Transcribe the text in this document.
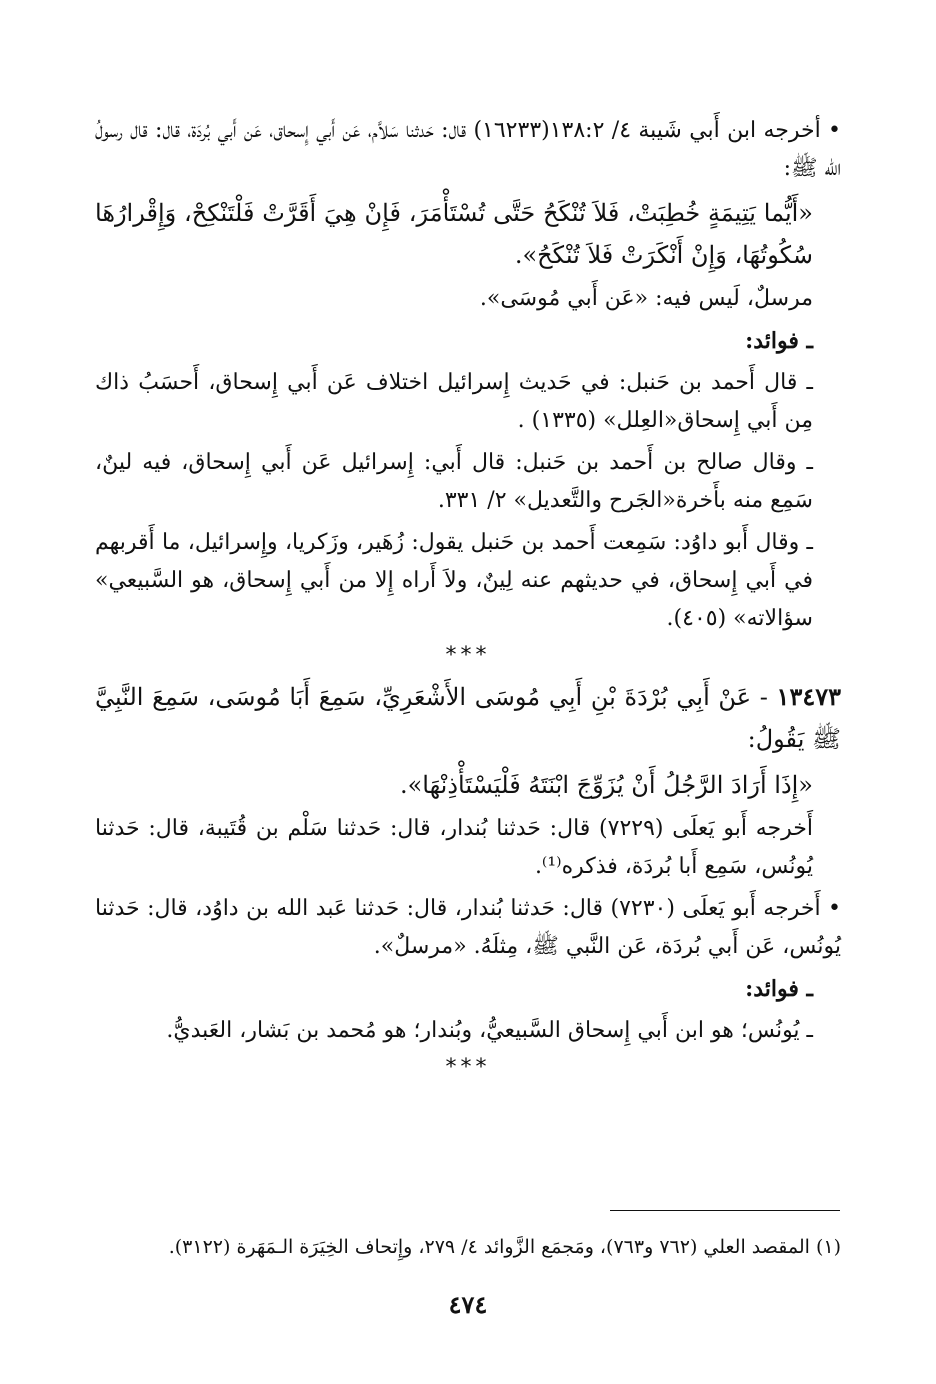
• أخرجه ابن أَبي شَيبة ٤/ ١٣٨:٢(١٦٢٣٣) قال: حَدثنا سَلاَّم، عَن أَبي إِسحاق، عَن أَبي بُردَة، قال: قال رسولُ الله ﷺ:
«أَيُّما يَتِيمَةٍ خُطِبَتْ، فَلاَ تُنْكَحُ حَتَّى تُسْتَأْمَرَ، فَإِنْ هِيَ أَقَرَّتْ فَلْتَنْكِحْ، وَإِقْرارُهَا سُكُوتُهَا، وَإِنْ أَنْكَرَتْ فَلاَ تُنْكَحُ».
مرسلٌ، لَيس فيه: «عَن أَبي مُوسَى».
ـ فوائد:
ـ قال أَحمد بن حَنبل: في حَديث إِسرائيل اختلاف عَن أَبي إِسحاق، أَحسَبُ ذاك مِن أَبي إِسحاق«العِلل» (١٣٣٥) .
ـ وقال صالح بن أَحمد بن حَنبل: قال أَبي: إِسرائيل عَن أَبي إِسحاق، فيه لينٌ، سَمِع منه بأَخرة«الجَرح والتَّعديل» ٢/ ٣٣١.
ـ وقال أَبو داوُد: سَمِعت أَحمد بن حَنبل يقول: زُهَير، وزَكريا، وإِسرائيل، ما أَقربهم في أَبي إِسحاق، في حديثهم عنه لِينٌ، ولاَ أَراه إِلا من أَبي إِسحاق، هو السَّبيعي» سؤالاته» (٤٠٥).
***
١٣٤٧٣ - عَنْ أَبِي بُرْدَةَ بْنِ أَبِي مُوسَى الأَشْعَرِيِّ، سَمِعَ أَبَا مُوسَى، سَمِعَ النَّبِيَّ ﷺ يَقُولُ:
«إِذَا أَرَادَ الرَّجُلُ أَنْ يُزَوِّجَ ابْنَتَهُ فَلْيَسْتَأْذِنْهَا».
أَخرجه أَبو يَعلَى (٧٢٢٩) قال: حَدثنا بُندار، قال: حَدثنا سَلْم بن قُتَيبة، قال: حَدثنا يُونُس، سَمِع أَبا بُردَة، فذكره⁽¹⁾.
• أَخرجه أَبو يَعلَى (٧٢٣٠) قال: حَدثنا بُندار، قال: حَدثنا عَبد الله بن داوُد، قال: حَدثنا يُونُس، عَن أَبي بُردَة، عَن النَّبي ﷺ، مِثلَهُ. «مرسلٌ».
ـ فوائد:
ـ يُونُس؛ هو ابن أَبي إِسحاق السَّبيعيُّ، وبُندار؛ هو مُحمد بن بَشار، العَبديُّ.
***
(١) المقصد العلي (٧٦٢ و٧٦٣)، ومَجمَع الزَّوائد ٤/ ٢٧٩، وإِتحاف الخِيَرَة الـمَهَرة (٣١٢٢).
٤٧٤
